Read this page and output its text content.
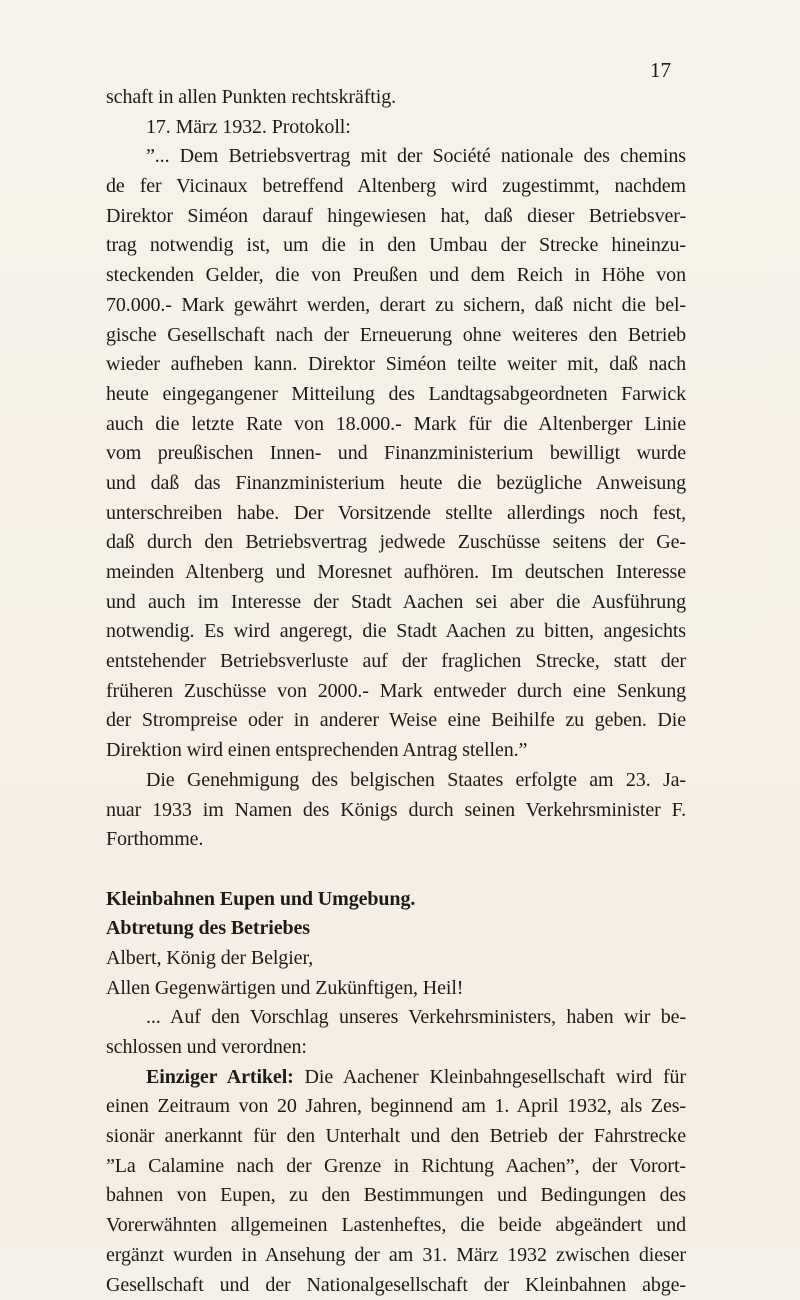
17
schaft in allen Punkten rechtskräftig.
17. März 1932. Protokoll:
”... Dem Betriebsvertrag mit der Société nationale des chemins
de fer Vicinaux betreffend Altenberg wird zugestimmt, nachdem
Direktor Siméon darauf hingewiesen hat, daß dieser Betriebsver-
trag notwendig ist, um die in den Umbau der Strecke hineinzu-
steckenden Gelder, die von Preußen und dem Reich in Höhe von
70.000.- Mark gewährt werden, derart zu sichern, daß nicht die bel-
gische Gesellschaft nach der Erneuerung ohne weiteres den Betrieb
wieder aufheben kann. Direktor Siméon teilte weiter mit, daß nach
heute eingegangener Mitteilung des Landtagsabgeordneten Farwick
auch die letzte Rate von 18.000.- Mark für die Altenberger Linie
vom preußischen Innen- und Finanzministerium bewilligt wurde
und daß das Finanzministerium heute die bezügliche Anweisung
unterschreiben habe. Der Vorsitzende stellte allerdings noch fest,
daß durch den Betriebsvertrag jedwede Zuschüsse seitens der Ge-
meinden Altenberg und Moresnet aufhören. Im deutschen Interesse
und auch im Interesse der Stadt Aachen sei aber die Ausführung
notwendig. Es wird angeregt, die Stadt Aachen zu bitten, angesichts
entstehender Betriebsverluste auf der fraglichen Strecke, statt der
früheren Zuschüsse von 2000.- Mark entweder durch eine Senkung
der Strompreise oder in anderer Weise eine Beihilfe zu geben. Die
Direktion wird einen entsprechenden Antrag stellen.”
Die Genehmigung des belgischen Staates erfolgte am 23. Ja-
nuar 1933 im Namen des Königs durch seinen Verkehrsminister F.
Forthomme.
Kleinbahnen Eupen und Umgebung.
Abtretung des Betriebes
Albert, König der Belgier,
Allen Gegenwärtigen und Zukünftigen, Heil!
... Auf den Vorschlag unseres Verkehrsministers, haben wir be-
schlossen und verordnen:
Einziger Artikel: Die Aachener Kleinbahngesellschaft wird für
einen Zeitraum von 20 Jahren, beginnend am 1. April 1932, als Zes-
sionär anerkannt für den Unterhalt und den Betrieb der Fahrstrecke
”La Calamine nach der Grenze in Richtung Aachen”, der Vorort-
bahnen von Eupen, zu den Bestimmungen und Bedingungen des
Vorerwähnten allgemeinen Lastenheftes, die beide abgeändert und
ergänzt wurden in Ansehung der am 31. März 1932 zwischen dieser
Gesellschaft und der Nationalgesellschaft der Kleinbahnen abge-
